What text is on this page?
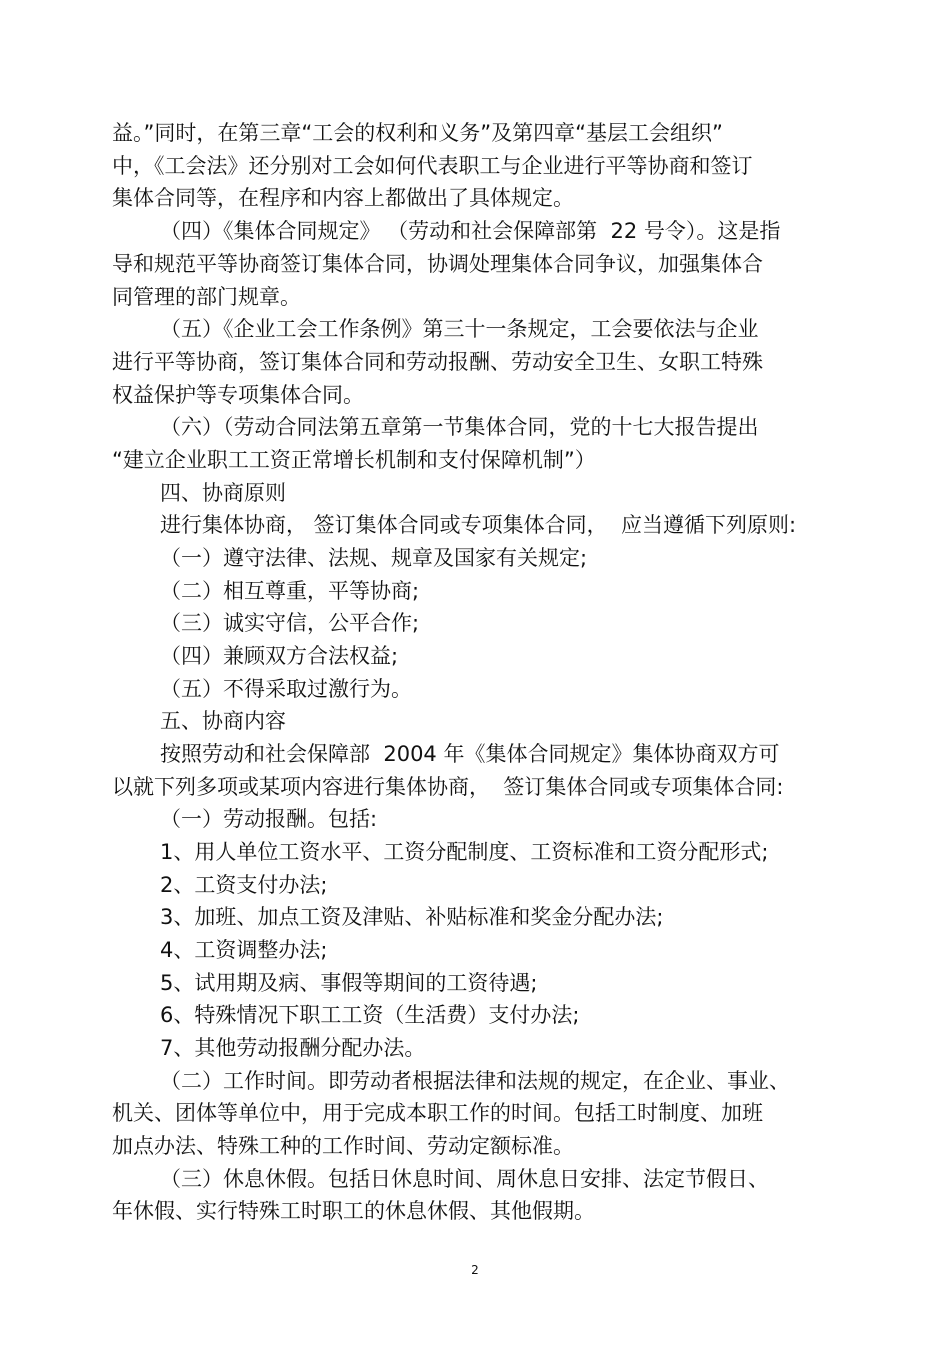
益。”同时，在第三章“工会的权利和义务”及第四章“基层工会组织”

中，《工会法》还分别对工会如何代表职工与企业进行平等协商和签订

集体合同等，在程序和内容上都做出了具体规定。

（四）《集体合同规定》 （劳动和社会保障部第  22 号令）。这是指

导和规范平等协商签订集体合同，协调处理集体合同争议，加强集体合

同管理的部门规章。

（五）《企业工会工作条例》第三十一条规定，工会要依法与企业

进行平等协商，签订集体合同和劳动报酬、劳动安全卫生、女职工特殊

权益保护等专项集体合同。

（六）（劳动合同法第五章第一节集体合同，党的十七大报告提出

“建立企业职工工资正常增长机制和支付保障机制”）

四、协商原则

进行集体协商， 签订集体合同或专项集体合同，  应当遵循下列原则:

（一）遵守法律、法规、规章及国家有关规定;

（二）相互尊重，平等协商;

（三）诚实守信，公平合作;

（四）兼顾双方合法权益;

（五）不得采取过激行为。

五、协商内容

按照劳动和社会保障部  2004 年《集体合同规定》集体协商双方可

以就下列多项或某项内容进行集体协商，  签订集体合同或专项集体合同:

（一）劳动报酬。包括:

1、用人单位工资水平、工资分配制度、工资标准和工资分配形式;

2、工资支付办法;

3、加班、加点工资及津贴、补贴标准和奖金分配办法;

4、工资调整办法;

5、试用期及病、事假等期间的工资待遇;

6、特殊情况下职工工资（生活费）支付办法;

7、其他劳动报酬分配办法。

（二）工作时间。即劳动者根据法律和法规的规定，在企业、事业、

机关、团体等单位中，用于完成本职工作的时间。包括工时制度、加班

加点办法、特殊工种的工作时间、劳动定额标准。

（三）休息休假。包括日休息时间、周休息日安排、法定节假日、

年休假、实行特殊工时职工的休息休假、其他假期。

2
